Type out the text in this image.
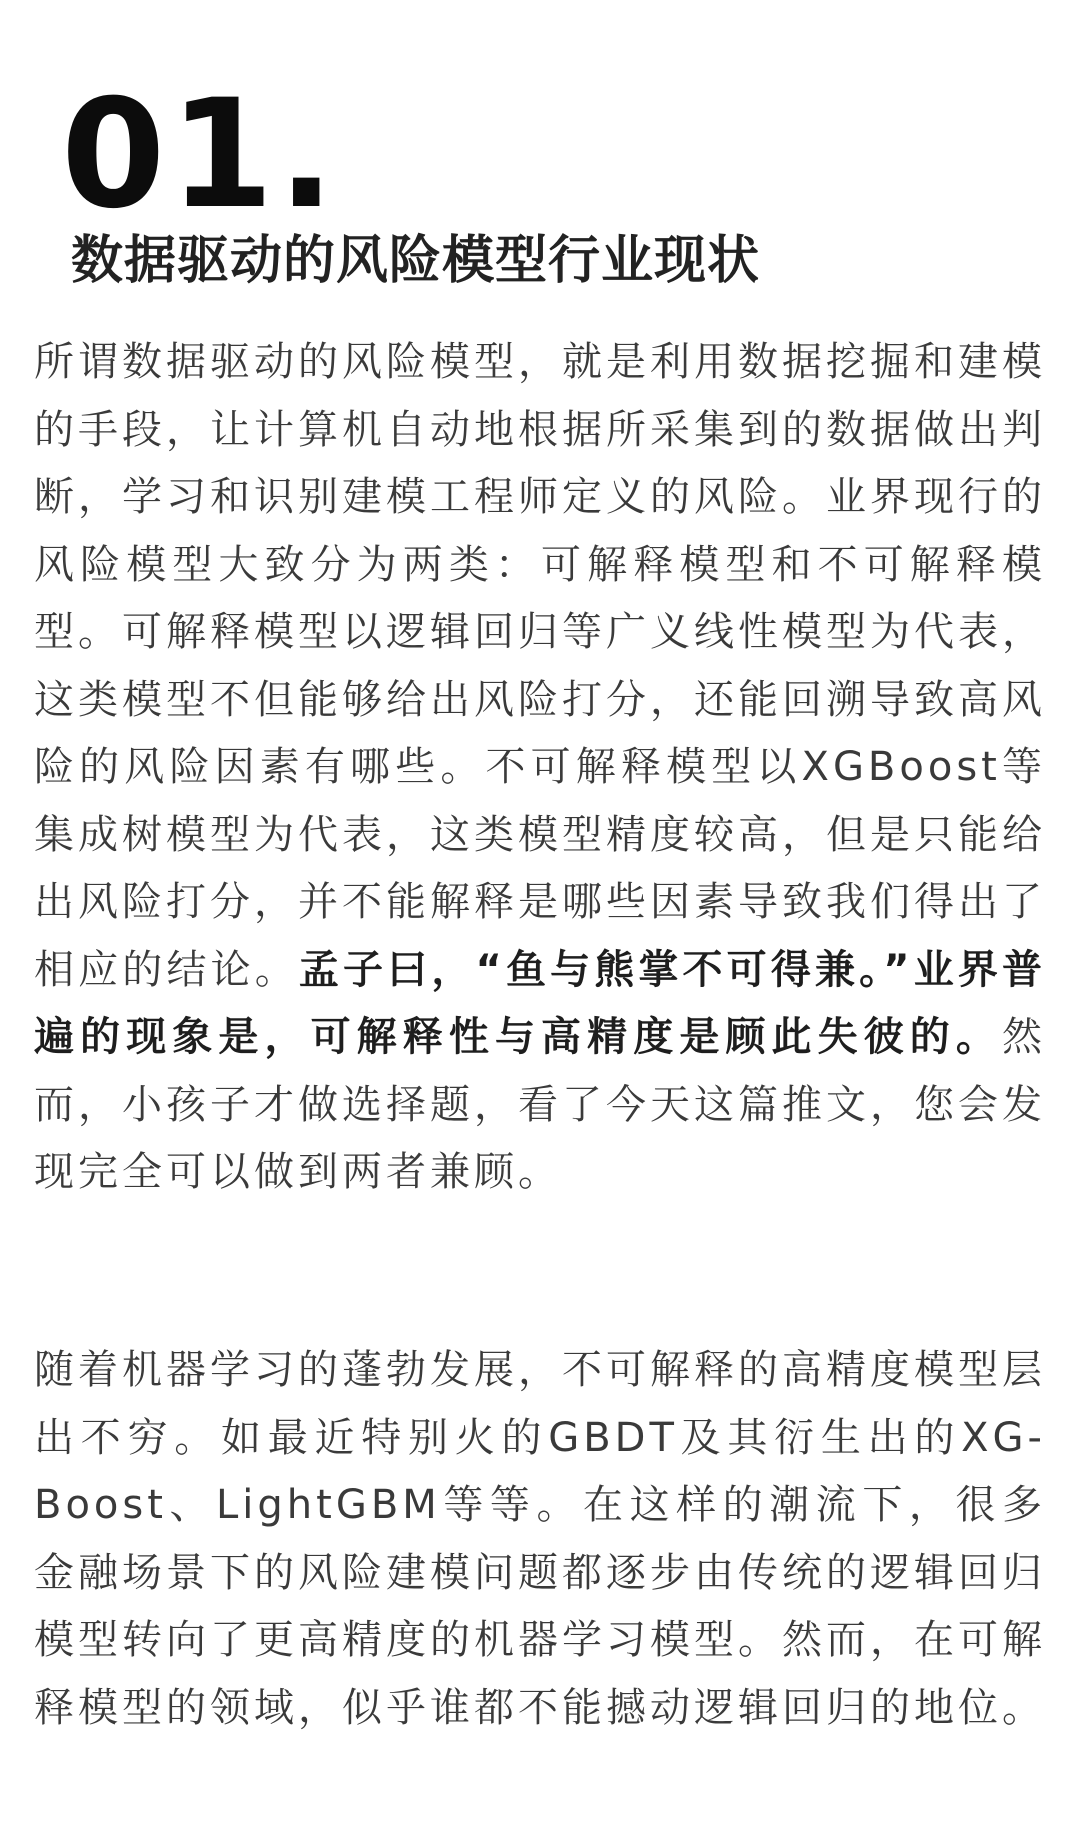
01.
数据驱动的风险模型行业现状

所谓数据驱动的风险模型，就是利用数据挖掘和建模的手段，让计算机自动地根据所采集到的数据做出判断，学习和识别建模工程师定义的风险。业界现行的风险模型大致分为两类：可解释模型和不可解释模型。可解释模型以逻辑回归等广义线性模型为代表，这类模型不但能够给出风险打分，还能回溯导致高风险的风险因素有哪些。不可解释模型以XGBoost等集成树模型为代表，这类模型精度较高，但是只能给出风险打分，并不能解释是哪些因素导致我们得出了相应的结论。孟子曰，“鱼与熊掌不可得兼。”业界普遍的现象是，可解释性与高精度是顾此失彼的。然而，小孩子才做选择题，看了今天这篇推文，您会发现完全可以做到两者兼顾。

随着机器学习的蓬勃发展，不可解释的高精度模型层出不穷。如最近特别火的GBDT及其衍生出的XG-Boost、LightGBM等等。在这样的潮流下，很多金融场景下的风险建模问题都逐步由传统的逻辑回归模型转向了更高精度的机器学习模型。然而，在可解释模型的领域，似乎谁都不能撼动逻辑回归的地位。
